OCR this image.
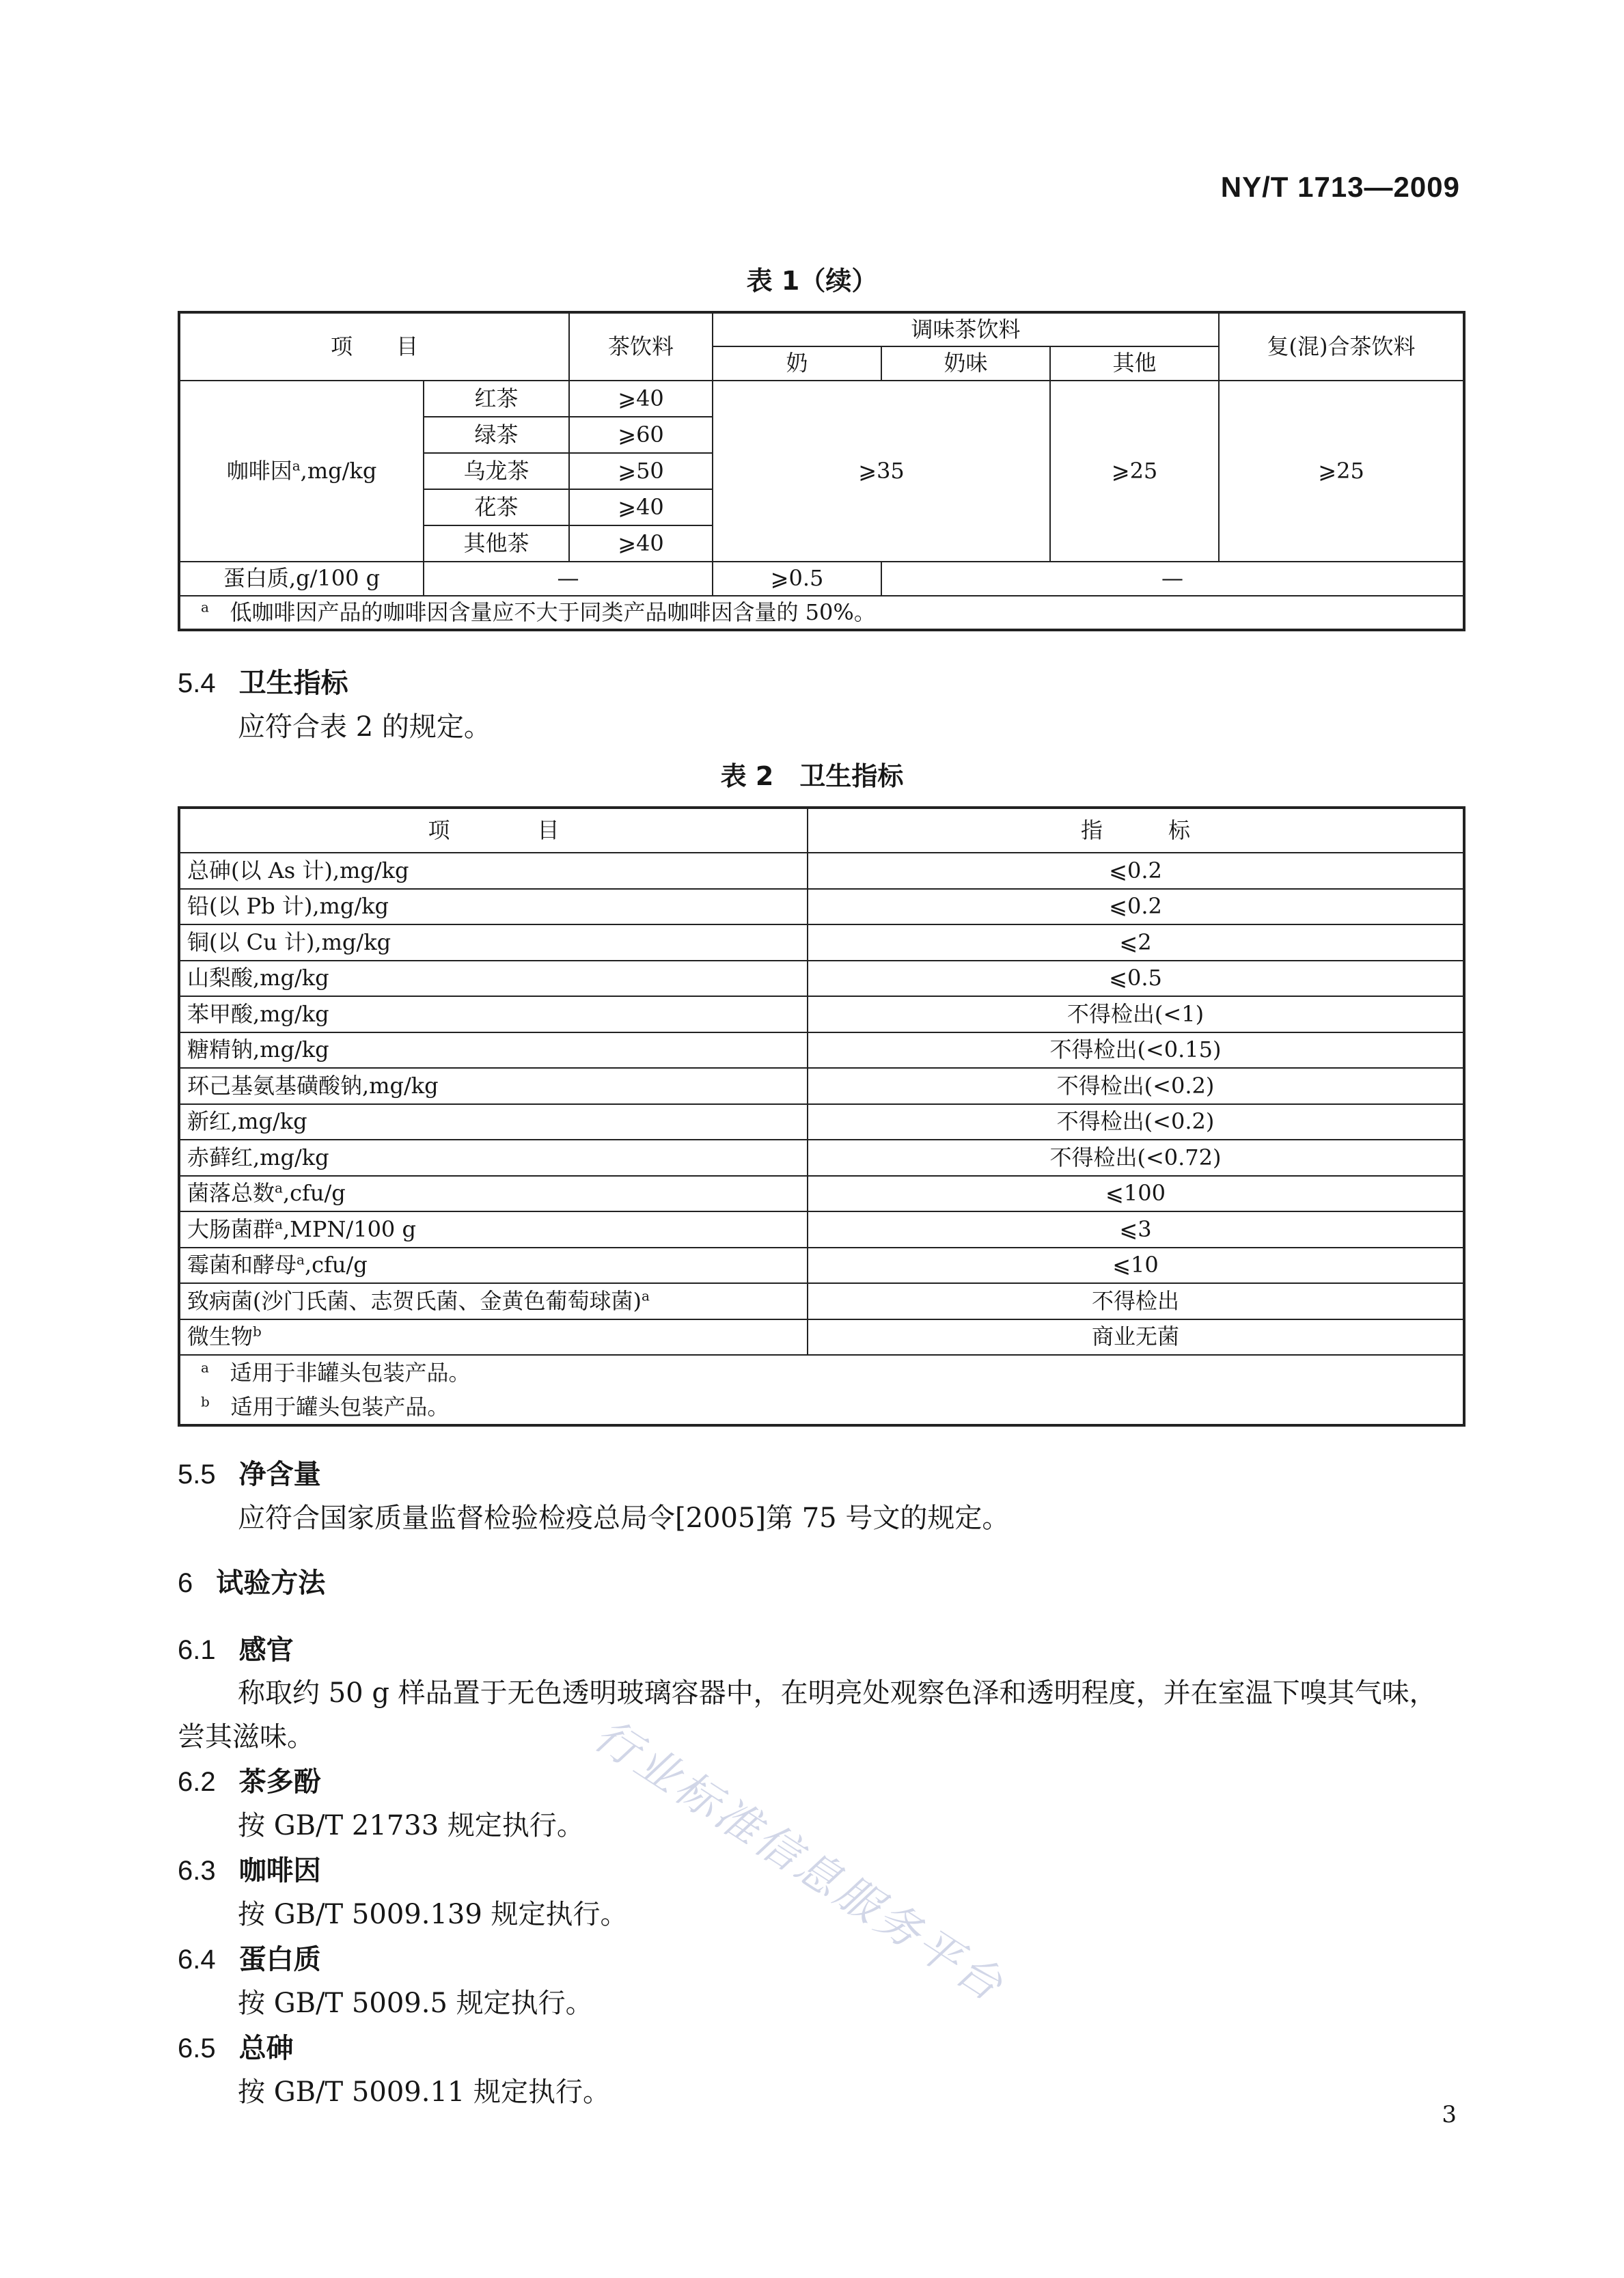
NY/T 1713—2009
表 1（续）
项　　目		茶饮料	调味茶饮料			复(混)合茶饮料
			奶	奶味	其他	
咖啡因$^a$,mg/kg	红茶	⩾40	⩾35		⩾25	⩾25
	绿茶	⩾60				
	乌龙茶	⩾50				
	花茶	⩾40				
	其他茶	⩾40				
蛋白质,g/100 g	—		⩾0.5	—		
$^a$ 低咖啡因产品的咖啡因含量应不大于同类产品咖啡因含量的 50%。						
5.4 卫生指标
应符合表 2 的规定。
表 2　卫生指标
项　　　　目	指　　　标
总砷(以 As 计),mg/kg	⩽0.2
铅(以 Pb 计),mg/kg	⩽0.2
铜(以 Cu 计),mg/kg	⩽2
山梨酸,mg/kg	⩽0.5
苯甲酸,mg/kg	不得检出(<1)
糖精钠,mg/kg	不得检出(<0.15)
环己基氨基磺酸钠,mg/kg	不得检出(<0.2)
新红,mg/kg	不得检出(<0.2)
赤藓红,mg/kg	不得检出(<0.72)
菌落总数$^a$,cfu/g	⩽100
大肠菌群$^a$,MPN/100 g	⩽3
霉菌和酵母$^a$,cfu/g	⩽10
致病菌(沙门氏菌、志贺氏菌、金黄色葡萄球菌)$^a$	不得检出
微生物$^b$	商业无菌

$^a$ 适用于非罐头包装产品。
$^b$ 适用于罐头包装产品。	
5.5 净含量
应符合国家质量监督检验检疫总局令[2005]第 75 号文的规定。
6 试验方法
6.1 感官
称取约 50 g 样品置于无色透明玻璃容器中，在明亮处观察色泽和透明程度，并在室温下嗅其气味，
尝其滋味。
6.2 茶多酚
按 GB/T 21733 规定执行。
6.3 咖啡因
按 GB/T 5009.139 规定执行。
6.4 蛋白质
按 GB/T 5009.5 规定执行。
6.5 总砷
按 GB/T 5009.11 规定执行。
行业标准信息服务平台
3
